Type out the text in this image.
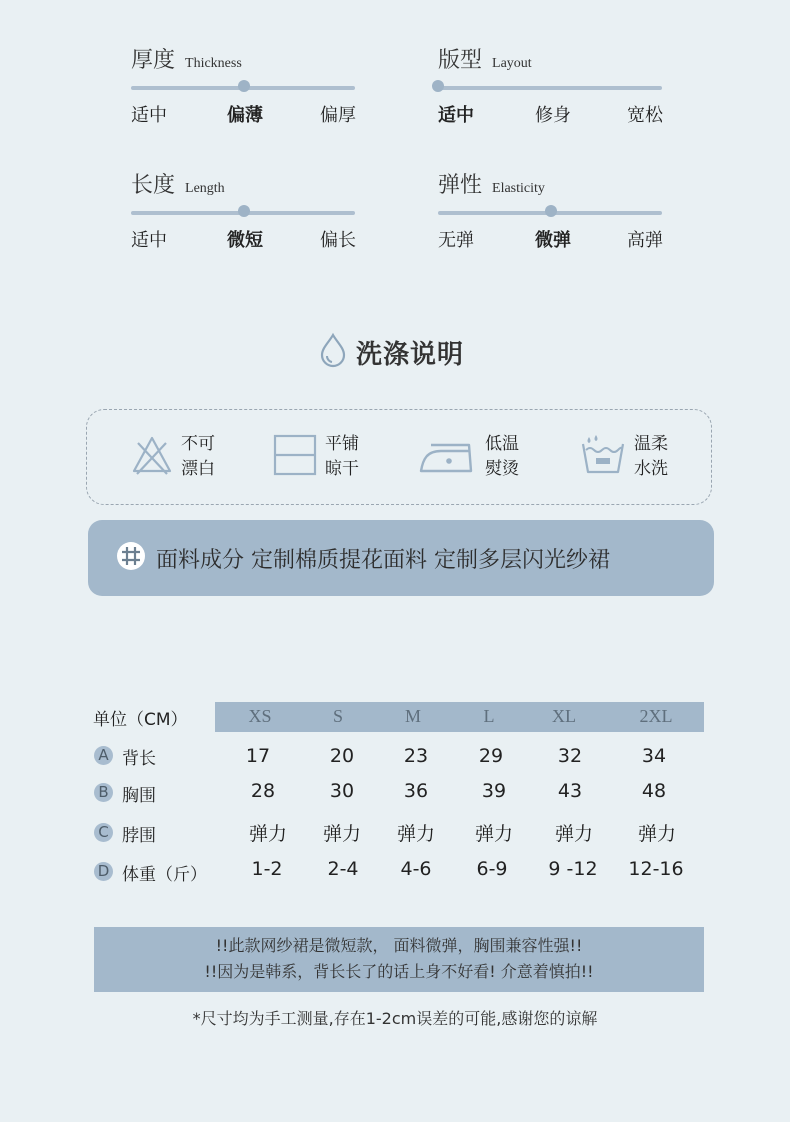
厚度 Thickness
适中	偏薄	偏厚
版型 Layout
适中	修身	宽松
长度 Length
适中	微短	偏长
弹性 Elasticity
无弹	微弹	高弹
洗涤说明
不可
漂白
平铺
晾干
低温
熨烫
温柔
水洗
面料成分 定制棉质提花面料 定制多层闪光纱裙
单位（CM）	XS	S	M	L	XL	2XL
A 背长	17	20	23	29	32	34
B 胸围	28	30	36	39	43	48
C 脖围	弹力 弹力 弹力 弹力 弹力 弹力
D 体重（斤） 1-2 2-4 4-6 6-9 9 -12 12-16
!!此款网纱裙是微短款， 面料微弹，胸围兼容性强!!
!!因为是韩系，背长长了的话上身不好看! 介意着慎拍!!
*尺寸均为手工测量,存在1-2cm误差的可能,感谢您的谅解
